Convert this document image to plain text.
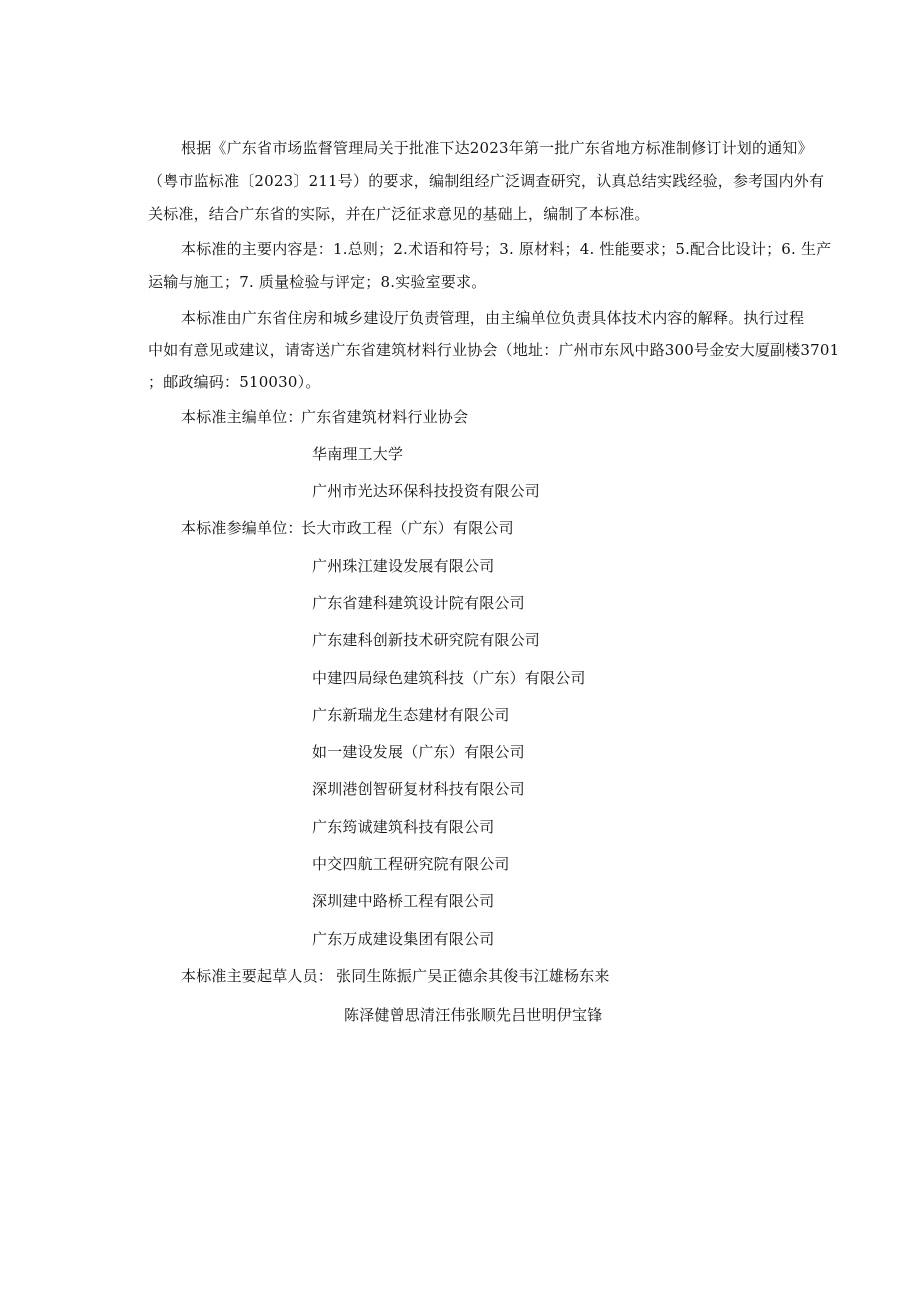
根据《广东省市场监督管理局关于批准下达2023年第一批广东省地方标准制修订计划的通知》
（粤市监标准〔2023〕211号）的要求，编制组经广泛调查研究，认真总结实践经验，参考国内外有
关标准，结合广东省的实际，并在广泛征求意见的基础上，编制了本标准。
本标准的主要内容是：1.总则；2.术语和符号；3. 原材料；4. 性能要求；5.配合比设计；6. 生产
运输与施工；7. 质量检验与评定；8.实验室要求。
本标准由广东省住房和城乡建设厅负责管理，由主编单位负责具体技术内容的解释。执行过程
中如有意见或建议，请寄送广东省建筑材料行业协会（地址：广州市东风中路300号金安大厦副楼3701
；邮政编码：510030）。
本标准主编单位：
广东省建筑材料行业协会
华南理工大学
广州市光达环保科技投资有限公司
本标准参编单位：
长大市政工程（广东）有限公司
广州珠江建设发展有限公司
广东省建科建筑设计院有限公司
广东建科创新技术研究院有限公司
中建四局绿色建筑科技（广东）有限公司
广东新瑞龙生态建材有限公司
如一建设发展（广东）有限公司
深圳港创智研复材科技有限公司
广东筠诚建筑科技有限公司
中交四航工程研究院有限公司
深圳建中路桥工程有限公司
广东万成建设集团有限公司
本标准主要起草人员： 张同生陈振广吴正德余其俊韦江雄杨东来
陈泽健曾思清汪伟张顺先吕世明伊宝锋
